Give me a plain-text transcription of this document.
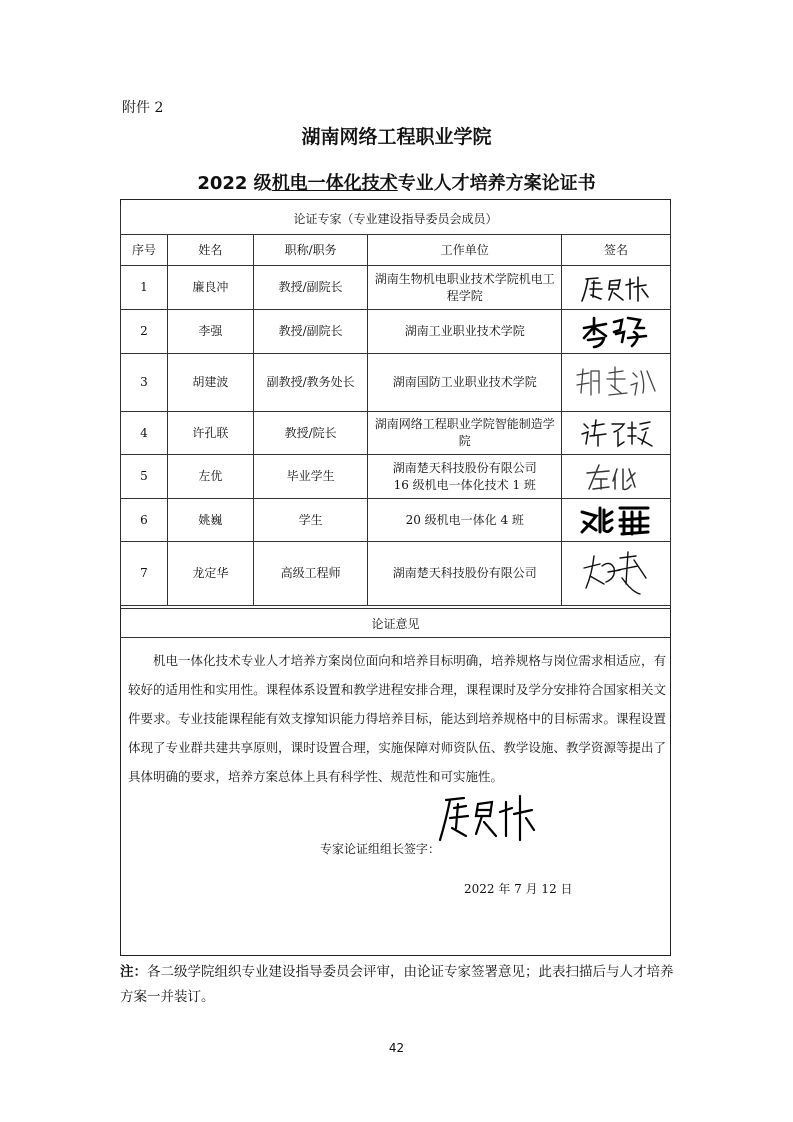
附件 2
湖南网络工程职业学院
2022 级机电一体化技术专业人才培养方案论证书
论证专家（专业建设指导委员会成员）				
序号	姓名	职称/职务	工作单位	签名
1	廉良冲	教授/副院长	湖南生物机电职业技术学院机电工
程学院	

2	李强	教授/副院长	湖南工业职业技术学院	

3	胡建波	副教授/教务处长	湖南国防工业职业技术学院	

4	许孔联	教授/院长	湖南网络工程职业学院智能制造学
院	

5	左优	毕业学生	湖南楚天科技股份有限公司
16 级机电一体化技术 1 班	

6	姚巍	学生	20 级机电一体化 4 班	

7	龙定华	高级工程师	湖南楚天科技股份有限公司	
论证意见
机电一体化技术专业人才培养方案岗位面向和培养目标明确，培养规格与岗位需求相适应，有较好的适用性和实用性。课程体系设置和教学进程安排合理，课程课时及学分安排符合国家相关文件要求。专业技能课程能有效支撑知识能力得培养目标，能达到培养规格中的目标需求。课程设置体现了专业群共建共享原则，课时设置合理，实施保障对师资队伍、教学设施、教学资源等提出了具体明确的要求，培养方案总体上具有科学性、规范性和可实施性。
专家论证组组长签字：
2022 年 7 月 12 日
注：各二级学院组织专业建设指导委员会评审，由论证专家签署意见；此表扫描后与人才培养方案一并装订。
42
